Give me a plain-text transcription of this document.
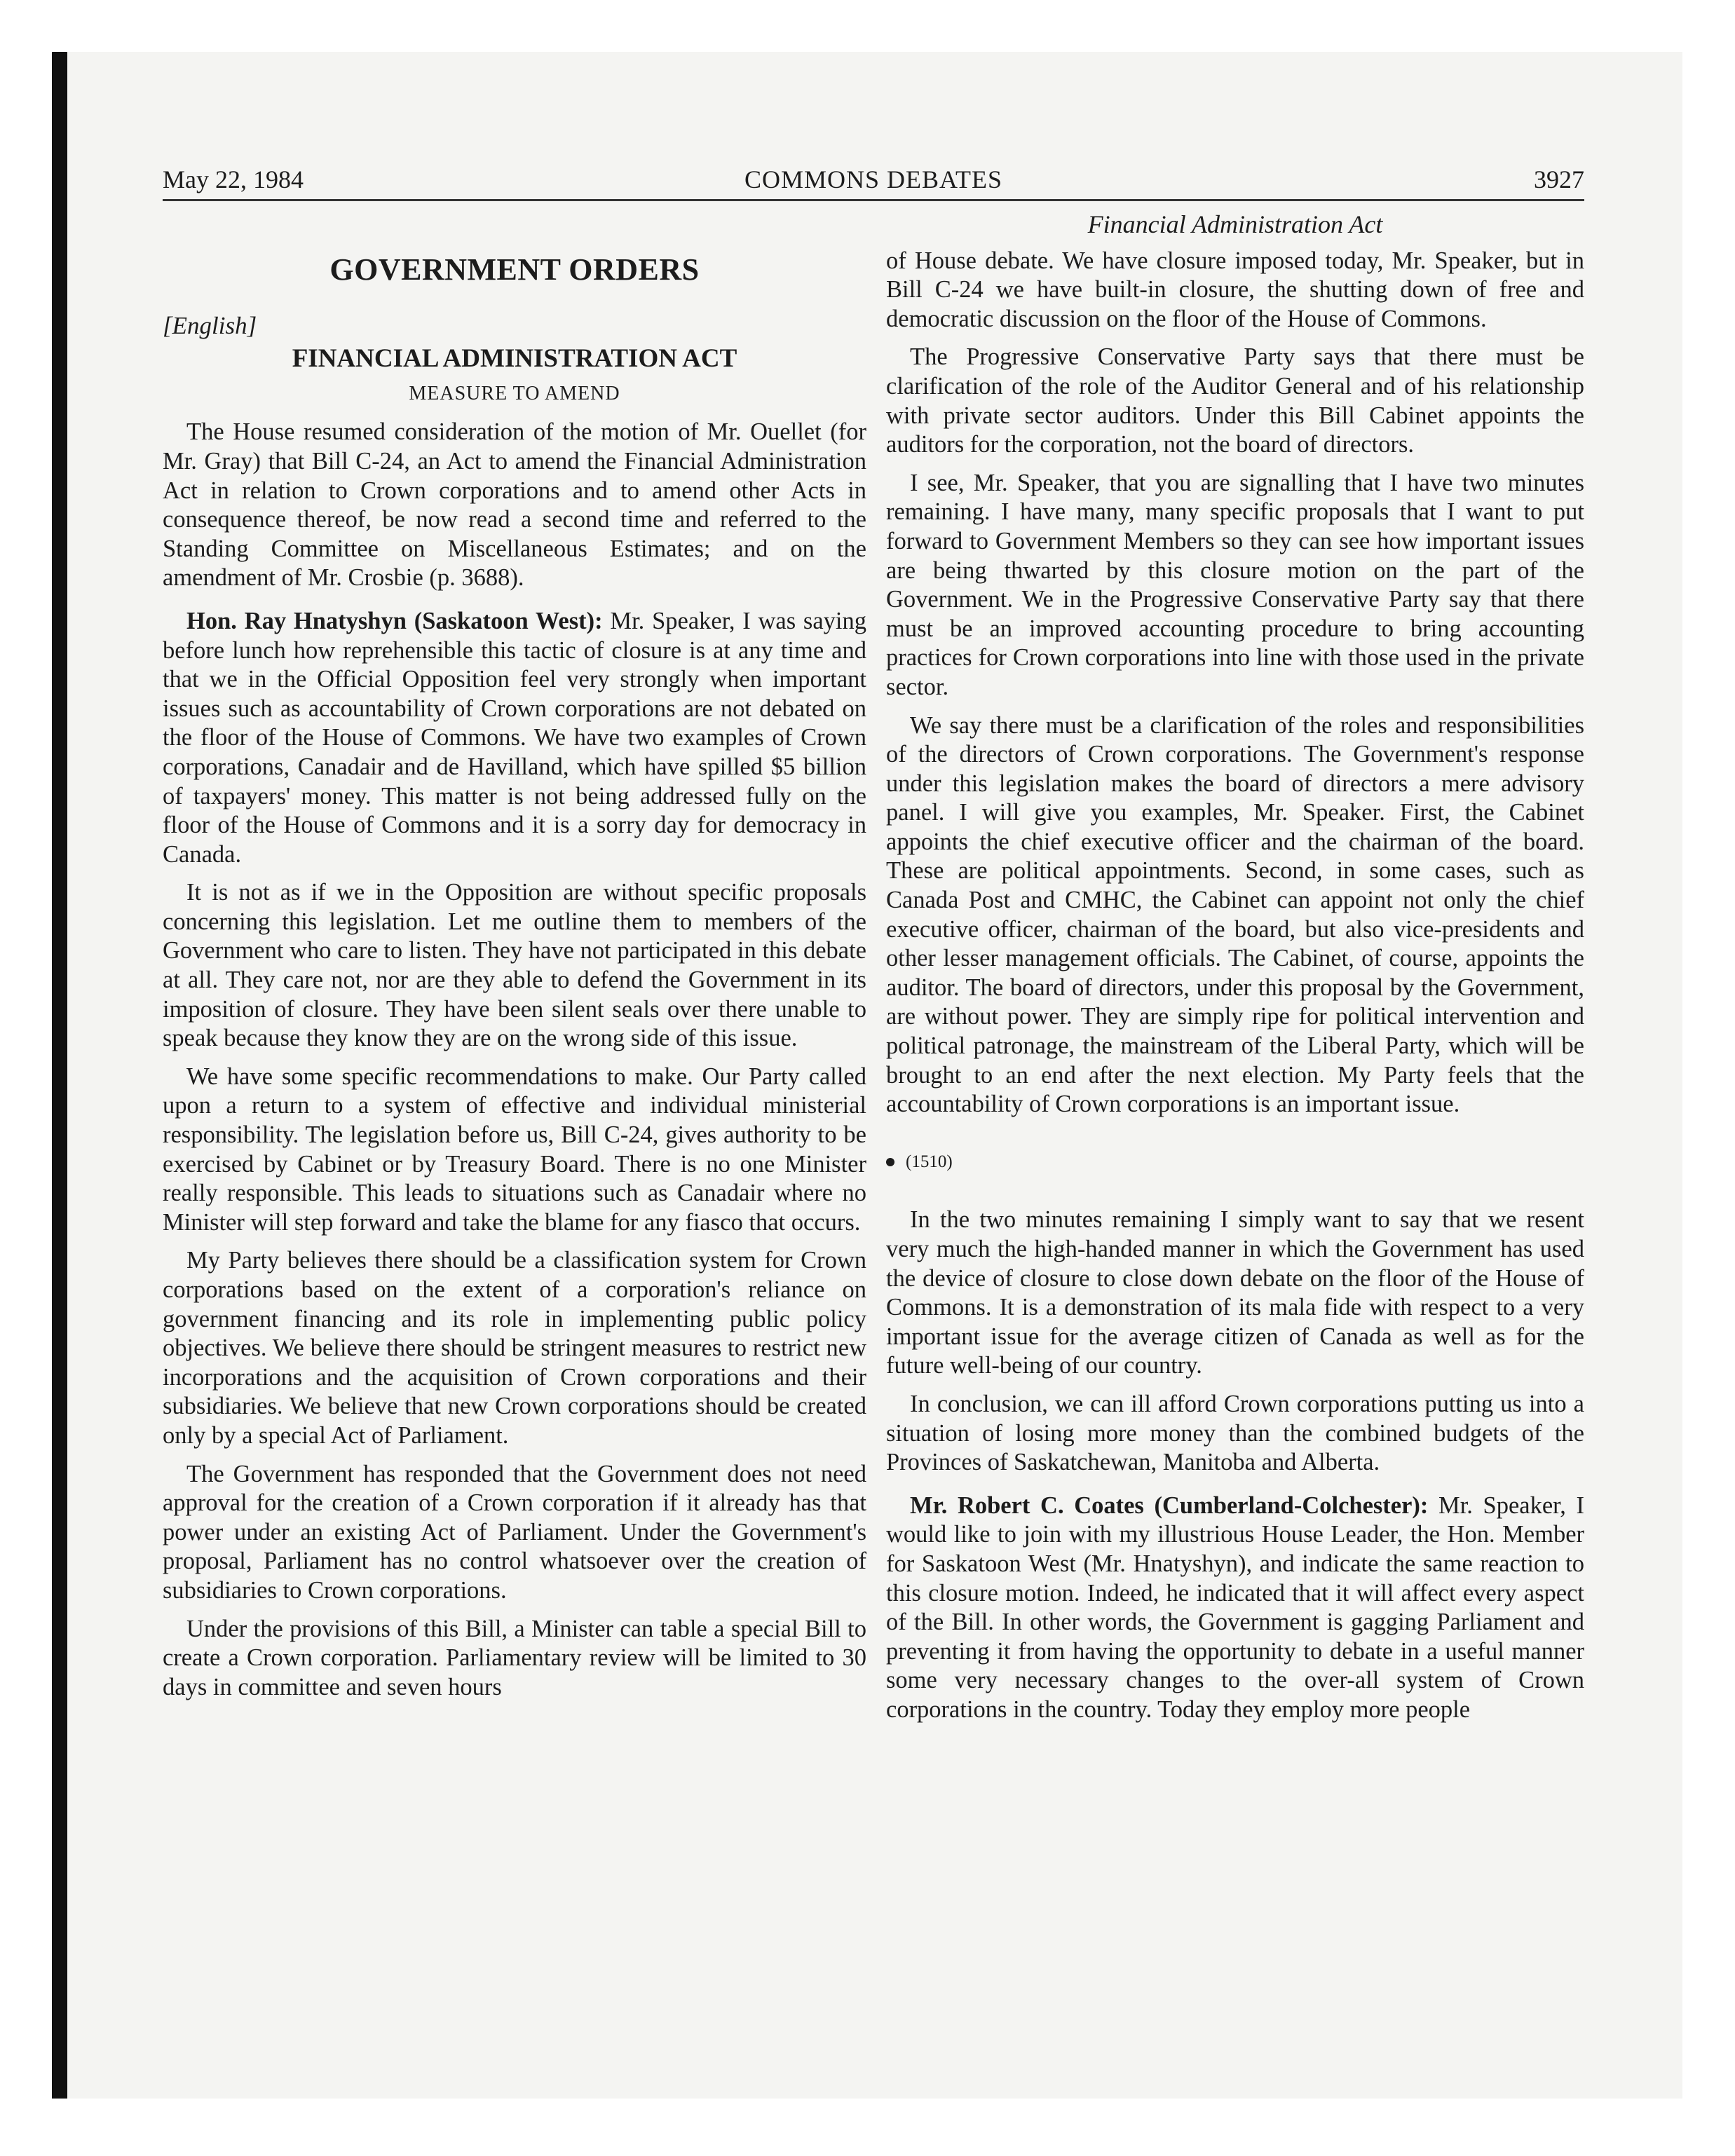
May 22, 1984	COMMONS DEBATES	3927
GOVERNMENT ORDERS
[English]
FINANCIAL ADMINISTRATION ACT
MEASURE TO AMEND

The House resumed consideration of the motion of Mr. Ouellet (for Mr. Gray) that Bill C-24, an Act to amend the Financial Administration Act in relation to Crown corporations and to amend other Acts in consequence thereof, be now read a second time and referred to the Standing Committee on Miscellaneous Estimates; and on the amendment of Mr. Crosbie (p. 3688).

Hon. Ray Hnatyshyn (Saskatoon West): Mr. Speaker, I was saying before lunch how reprehensible this tactic of closure is at any time and that we in the Official Opposition feel very strongly when important issues such as accountability of Crown corporations are not debated on the floor of the House of Commons. We have two examples of Crown corporations, Canadair and de Havilland, which have spilled $5 billion of taxpayers' money. This matter is not being addressed fully on the floor of the House of Commons and it is a sorry day for democracy in Canada.

It is not as if we in the Opposition are without specific proposals concerning this legislation. Let me outline them to members of the Government who care to listen. They have not participated in this debate at all. They care not, nor are they able to defend the Government in its imposition of closure. They have been silent seals over there unable to speak because they know they are on the wrong side of this issue.

We have some specific recommendations to make. Our Party called upon a return to a system of effective and individual ministerial responsibility. The legislation before us, Bill C-24, gives authority to be exercised by Cabinet or by Treasury Board. There is no one Minister really responsible. This leads to situations such as Canadair where no Minister will step forward and take the blame for any fiasco that occurs.

My Party believes there should be a classification system for Crown corporations based on the extent of a corporation's reliance on government financing and its role in implementing public policy objectives. We believe there should be stringent measures to restrict new incorporations and the acquisition of Crown corporations and their subsidiaries. We believe that new Crown corporations should be created only by a special Act of Parliament.

The Government has responded that the Government does not need approval for the creation of a Crown corporation if it already has that power under an existing Act of Parliament. Under the Government's proposal, Parliament has no control whatsoever over the creation of subsidiaries to Crown corporations.

Under the provisions of this Bill, a Minister can table a special Bill to create a Crown corporation. Parliamentary review will be limited to 30 days in committee and seven hours

Financial Administration Act

of House debate. We have closure imposed today, Mr. Speaker, but in Bill C-24 we have built-in closure, the shutting down of free and democratic discussion on the floor of the House of Commons.

The Progressive Conservative Party says that there must be clarification of the role of the Auditor General and of his relationship with private sector auditors. Under this Bill Cabinet appoints the auditors for the corporation, not the board of directors.

I see, Mr. Speaker, that you are signalling that I have two minutes remaining. I have many, many specific proposals that I want to put forward to Government Members so they can see how important issues are being thwarted by this closure motion on the part of the Government. We in the Progressive Conservative Party say that there must be an improved accounting procedure to bring accounting practices for Crown corporations into line with those used in the private sector.

We say there must be a clarification of the roles and responsibilities of the directors of Crown corporations. The Government's response under this legislation makes the board of directors a mere advisory panel. I will give you examples, Mr. Speaker. First, the Cabinet appoints the chief executive officer and the chairman of the board. These are political appointments. Second, in some cases, such as Canada Post and CMHC, the Cabinet can appoint not only the chief executive officer, chairman of the board, but also vice-presidents and other lesser management officials. The Cabinet, of course, appoints the auditor. The board of directors, under this proposal by the Government, are without power. They are simply ripe for political intervention and political patronage, the mainstream of the Liberal Party, which will be brought to an end after the next election. My Party feels that the accountability of Crown corporations is an important issue.

(1510)

In the two minutes remaining I simply want to say that we resent very much the high-handed manner in which the Government has used the device of closure to close down debate on the floor of the House of Commons. It is a demonstration of its mala fide with respect to a very important issue for the average citizen of Canada as well as for the future well-being of our country.

In conclusion, we can ill afford Crown corporations putting us into a situation of losing more money than the combined budgets of the Provinces of Saskatchewan, Manitoba and Alberta.

Mr. Robert C. Coates (Cumberland-Colchester): Mr. Speaker, I would like to join with my illustrious House Leader, the Hon. Member for Saskatoon West (Mr. Hnatyshyn), and indicate the same reaction to this closure motion. Indeed, he indicated that it will affect every aspect of the Bill. In other words, the Government is gagging Parliament and preventing it from having the opportunity to debate in a useful manner some very necessary changes to the over-all system of Crown corporations in the country. Today they employ more people
